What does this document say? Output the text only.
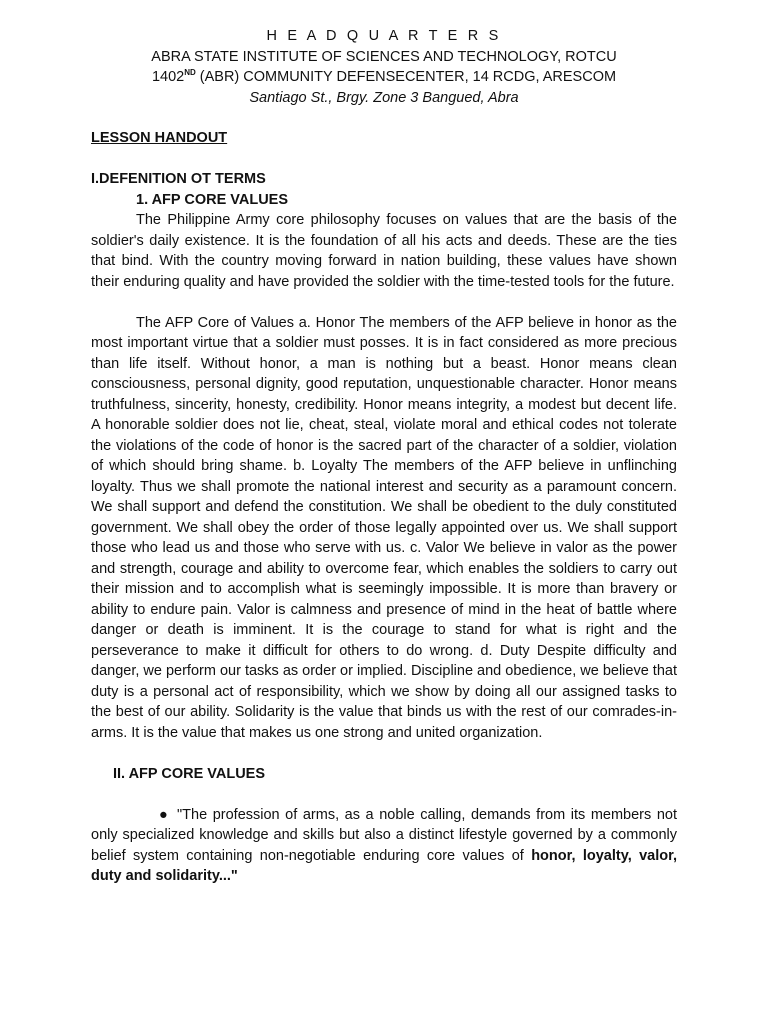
H E A D Q U A R T E R S
ABRA STATE INSTITUTE OF SCIENCES AND TECHNOLOGY, ROTCU
1402ND (ABR) COMMUNITY DEFENSECENTER, 14 RCDG, ARESCOM
Santiago St., Brgy. Zone 3 Bangued, Abra
LESSON HANDOUT
I.DEFENITION OT TERMS
1. AFP CORE VALUES

The Philippine Army core philosophy focuses on values that are the basis of the soldier's daily existence. It is the foundation of all his acts and deeds. These are the ties that bind. With the country moving forward in nation building, these values have shown their enduring quality and have provided the soldier with the time-tested tools for the future.

The AFP Core of Values a. Honor The members of the AFP believe in honor as the most important virtue that a soldier must posses. It is in fact considered as more precious than life itself. Without honor, a man is nothing but a beast. Honor means clean consciousness, personal dignity, good reputation, unquestionable character. Honor means truthfulness, sincerity, honesty, credibility. Honor means integrity, a modest but decent life. A honorable soldier does not lie, cheat, steal, violate moral and ethical codes not tolerate the violations of the code of honor is the sacred part of the character of a soldier, violation of which should bring shame. b. Loyalty The members of the AFP believe in unflinching loyalty. Thus we shall promote the national interest and security as a paramount concern. We shall support and defend the constitution. We shall be obedient to the duly constituted government. We shall obey the order of those legally appointed over us. We shall support those who lead us and those who serve with us. c. Valor We believe in valor as the power and strength, courage and ability to overcome fear, which enables the soldiers to carry out their mission and to accomplish what is seemingly impossible. It is more than bravery or ability to endure pain. Valor is calmness and presence of mind in the heat of battle where danger or death is imminent. It is the courage to stand for what is right and the perseverance to make it difficult for others to do wrong. d. Duty Despite difficulty and danger, we perform our tasks as order or implied. Discipline and obedience, we believe that duty is a personal act of responsibility, which we show by doing all our assigned tasks to the best of our ability. Solidarity is the value that binds us with the rest of our comrades-in-arms. It is the value that makes us one strong and united organization.

II. AFP CORE VALUES

● "The profession of arms, as a noble calling, demands from its members not only specialized knowledge and skills but also a distinct lifestyle governed by a commonly belief system containing non-negotiable enduring core values of honor, loyalty, valor, duty and solidarity..."
